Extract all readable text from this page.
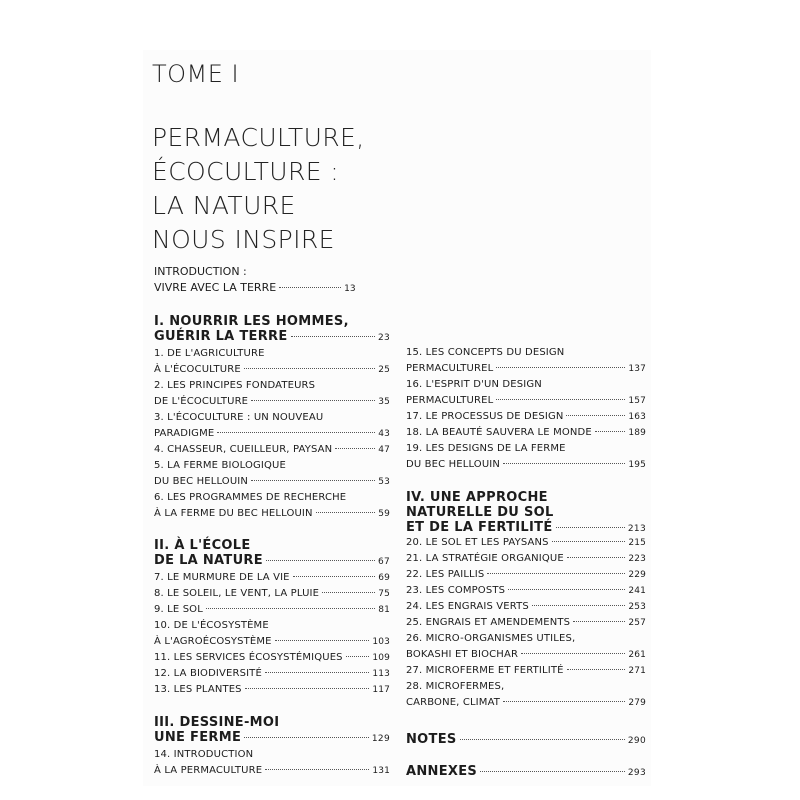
TOME I
PERMACULTURE,
ÉCOCULTURE :
LA NATURE
NOUS INSPIRE
INTRODUCTION :
VIVRE AVEC LA TERRE	13
I. NOURRIR LES HOMMES,
GUÉRIR LA TERRE	23
1. DE L'AGRICULTURE
À L'ÉCOCULTURE	25
2. LES PRINCIPES FONDATEURS
DE L'ÉCOCULTURE	35
3. L'ÉCOCULTURE : UN NOUVEAU
PARADIGME	43
4. CHASSEUR, CUEILLEUR, PAYSAN	47
5. LA FERME BIOLOGIQUE
DU BEC HELLOUIN	53
6. LES PROGRAMMES DE RECHERCHE
À LA FERME DU BEC HELLOUIN	59
II. À L'ÉCOLE
DE LA NATURE	67
7. LE MURMURE DE LA VIE	69
8. LE SOLEIL, LE VENT, LA PLUIE	75
9. LE SOL	81
10. DE L'ÉCOSYSTÈME
À L'AGROÉCOSYSTÈME	103
11. LES SERVICES ÉCOSYSTÉMIQUES	109
12. LA BIODIVERSITÉ	113
13. LES PLANTES	117
III. DESSINE-MOI
UNE FERME	129
14. INTRODUCTION
À LA PERMACULTURE	131
15. LES CONCEPTS DU DESIGN
PERMACULTUREL	137
16. L'ESPRIT D'UN DESIGN
PERMACULTUREL	157
17. LE PROCESSUS DE DESIGN	163
18. LA BEAUTÉ SAUVERA LE MONDE	189
19. LES DESIGNS DE LA FERME
DU BEC HELLOUIN	195
IV. UNE APPROCHE
NATURELLE DU SOL
ET DE LA FERTILITÉ	213
20. LE SOL ET LES PAYSANS	215
21. LA STRATÉGIE ORGANIQUE	223
22. LES PAILLIS	229
23. LES COMPOSTS	241
24. LES ENGRAIS VERTS	253
25. ENGRAIS ET AMENDEMENTS	257
26. MICRO-ORGANISMES UTILES,
BOKASHI ET BIOCHAR	261
27. MICROFERME ET FERTILITÉ	271
28. MICROFERMES,
CARBONE, CLIMAT	279
NOTES	290
ANNEXES	293
